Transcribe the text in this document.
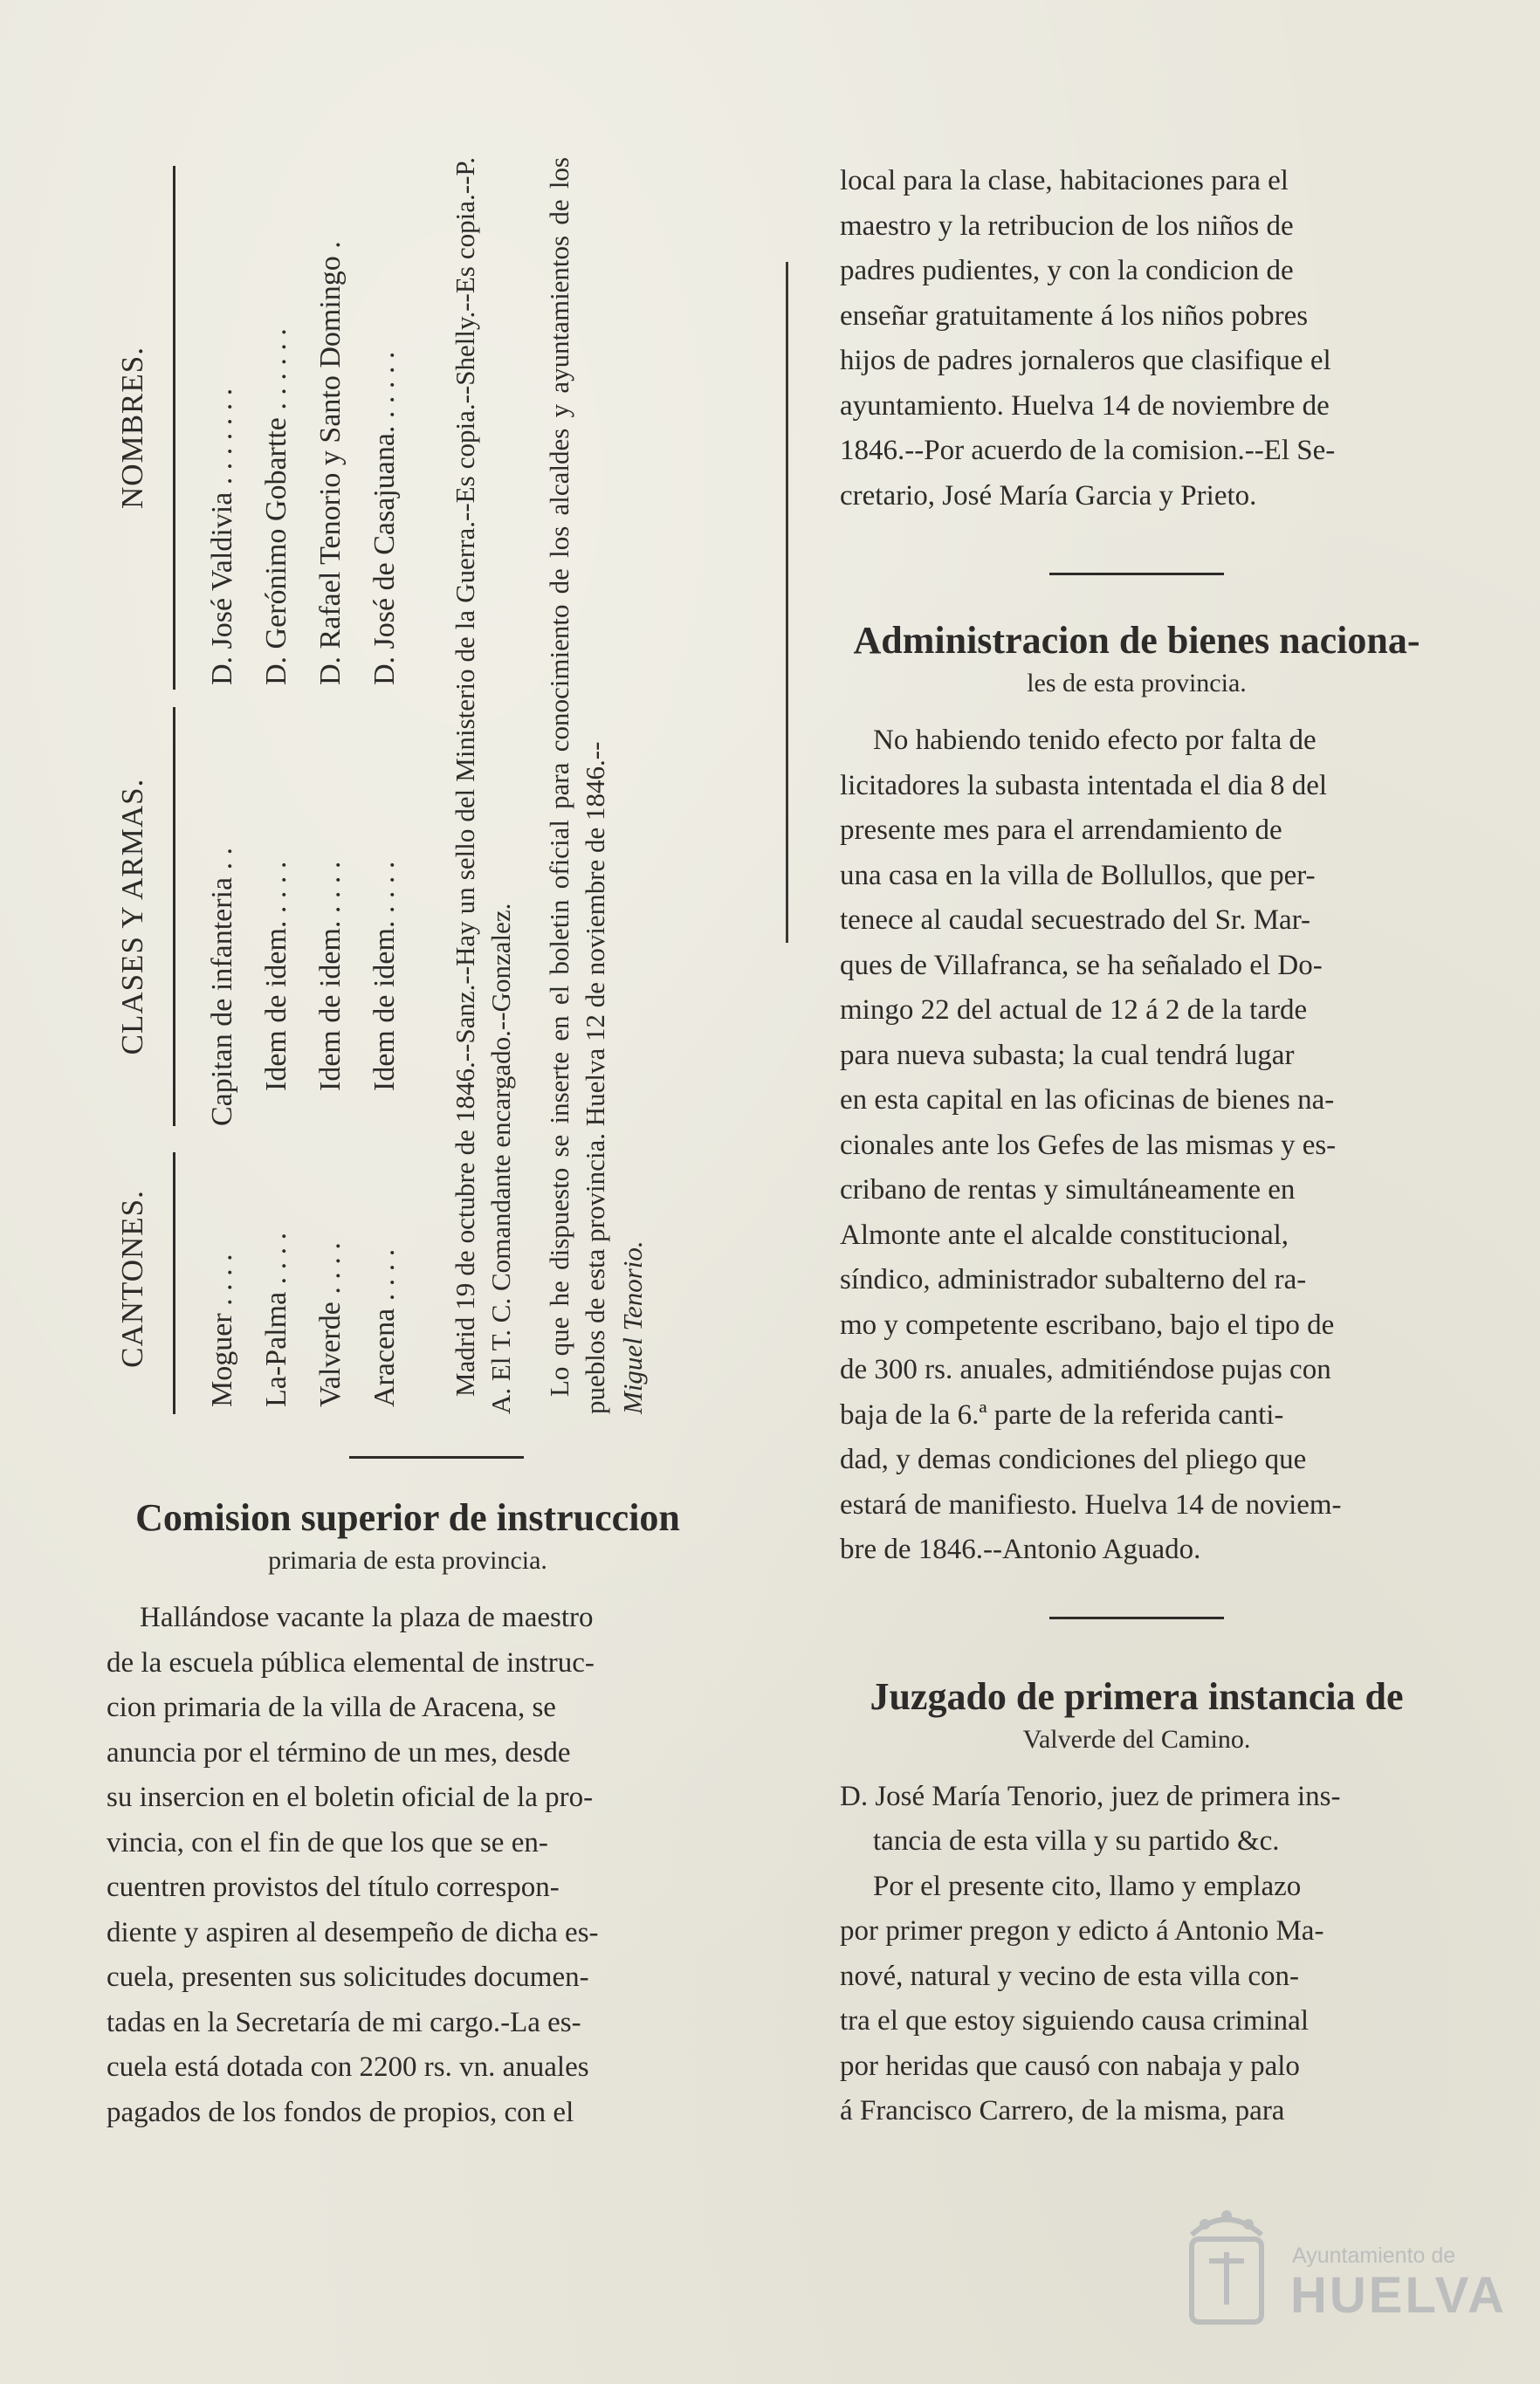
CANTONES.
CLASES Y ARMAS.
NOMBRES.
Moguer . . . .
Capitan de infanteria . .
D. José Valdivia . . . . . . .
La-Palma . . . .
Idem de idem. . . . .
D. Gerónimo Gobartte . . . . . .
Valverde . . . .
Idem de idem. . . . .
D. Rafael Tenorio y Santo Domingo .
Aracena . . . .
Idem de idem. . . . .
D. José de Casajuana. . . . . . Madrid 19 de octubre de 1846.--Sanz.--Hay un sello del Ministerio de la Guerra.--Es copia.--Shelly.--Es copia.--P. A. El T. C. Comandante encargado.--Gonzalez. Lo que he dispuesto se inserte en el boletin oficial para conocimiento de los alcaldes y ayuntamientos de los pueblos de esta provincia. Huelva 12 de noviembre de 1846.-- Miguel Tenorio.
Comision superior de instruccion
primaria de esta provincia.

Hallándose vacante la plaza de maestro

de la escuela pública elemental de instruc-

cion primaria de la villa de Aracena, se

anuncia por el término de un mes, desde

su insercion en el boletin oficial de la pro-

vincia, con el fin de que los que se en-

cuentren provistos del título correspon-

diente y aspiren al desempeño de dicha es-

cuela, presenten sus solicitudes documen-

tadas en la Secretaría de mi cargo.-La es-

cuela está dotada con 2200 rs. vn. anuales

pagados de los fondos de propios, con el

local para la clase, habitaciones para el

maestro y la retribucion de los niños de

padres pudientes, y con la condicion de

enseñar gratuitamente á los niños pobres

hijos de padres jornaleros que clasifique el

ayuntamiento. Huelva 14 de noviembre de

1846.--Por acuerdo de la comision.--El Se-

cretario, José María Garcia y Prieto.

Administracion de bienes naciona-
les de esta provincia.

No habiendo tenido efecto por falta de

licitadores la subasta intentada el dia 8 del

presente mes para el arrendamiento de

una casa en la villa de Bollullos, que per-

tenece al caudal secuestrado del Sr. Mar-

ques de Villafranca, se ha señalado el Do-

mingo 22 del actual de 12 á 2 de la tarde

para nueva subasta; la cual tendrá lugar

en esta capital en las oficinas de bienes na-

cionales ante los Gefes de las mismas y es-

cribano de rentas y simultáneamente en

Almonte ante el alcalde constitucional,

síndico, administrador subalterno del ra-

mo y competente escribano, bajo el tipo de

de 300 rs. anuales, admitiéndose pujas con

baja de la 6.ª parte de la referida canti-

dad, y demas condiciones del pliego que

estará de manifiesto. Huelva 14 de noviem-

bre de 1846.--Antonio Aguado.

Juzgado de primera instancia de
Valverde del Camino.

D. José María Tenorio, juez de primera ins-

tancia de esta villa y su partido &c.

Por el presente cito, llamo y emplazo

por primer pregon y edicto á Antonio Ma-

nové, natural y vecino de esta villa con-

tra el que estoy siguiendo causa criminal

por heridas que causó con nabaja y palo

á Francisco Carrero, de la misma, para

Ayuntamiento de
HUELVA
